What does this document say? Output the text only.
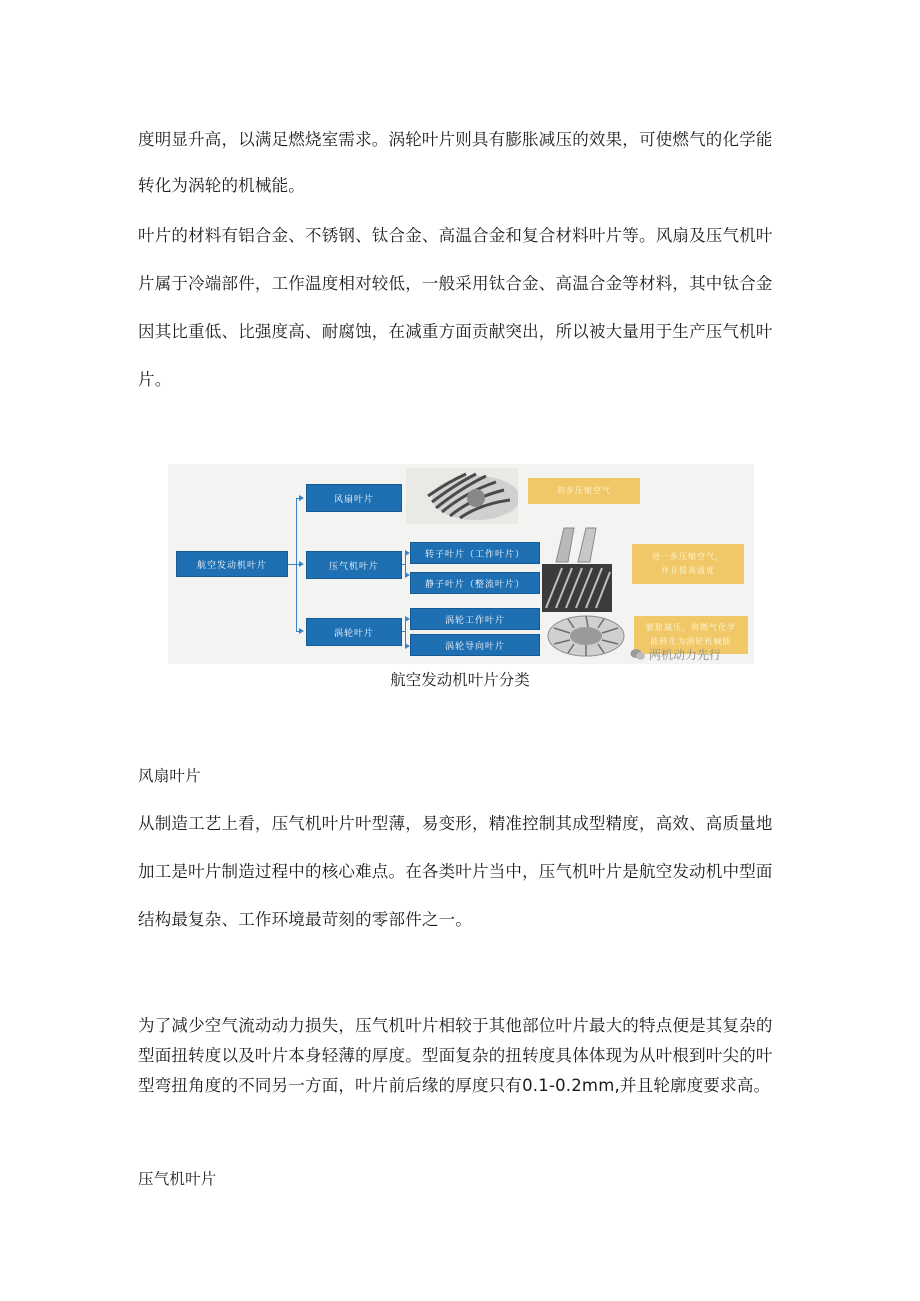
度明显升高，以满足燃烧室需求。涡轮叶片则具有膨胀减压的效果，可使燃气的化学能
转化为涡轮的机械能。
叶片的材料有铝合金、不锈钢、钛合金、高温合金和复合材料叶片等。风扇及压气机叶
片属于冷端部件，工作温度相对较低，一般采用钛合金、高温合金等材料，其中钛合金
因其比重低、比强度高、耐腐蚀，在减重方面贡献突出，所以被大量用于生产压气机叶
片。
航空发动机叶片
风扇叶片
压气机叶片
涡轮叶片
转子叶片（工作叶片）
静子叶片（整流叶片）
涡轮工作叶片
涡轮导向叶片
初步压缩空气
进一步压缩空气，
并且提高温度
膨胀减压，将燃气化学
能转化为涡轮机械能
两机动力先行
航空发动机叶片分类
风扇叶片
从制造工艺上看，压气机叶片叶型薄，易变形，精准控制其成型精度，高效、高质量地
加工是叶片制造过程中的核心难点。在各类叶片当中，压气机叶片是航空发动机中型面
结构最复杂、工作环境最苛刻的零部件之一。
为了减少空气流动动力损失，压气机叶片相较于其他部位叶片最大的特点便是其复杂的
型面扭转度以及叶片本身轻薄的厚度。型面复杂的扭转度具体体现为从叶根到叶尖的叶
型弯扭角度的不同另一方面，叶片前后缘的厚度只有0.1-0.2mm,并且轮廓度要求高。
压气机叶片
